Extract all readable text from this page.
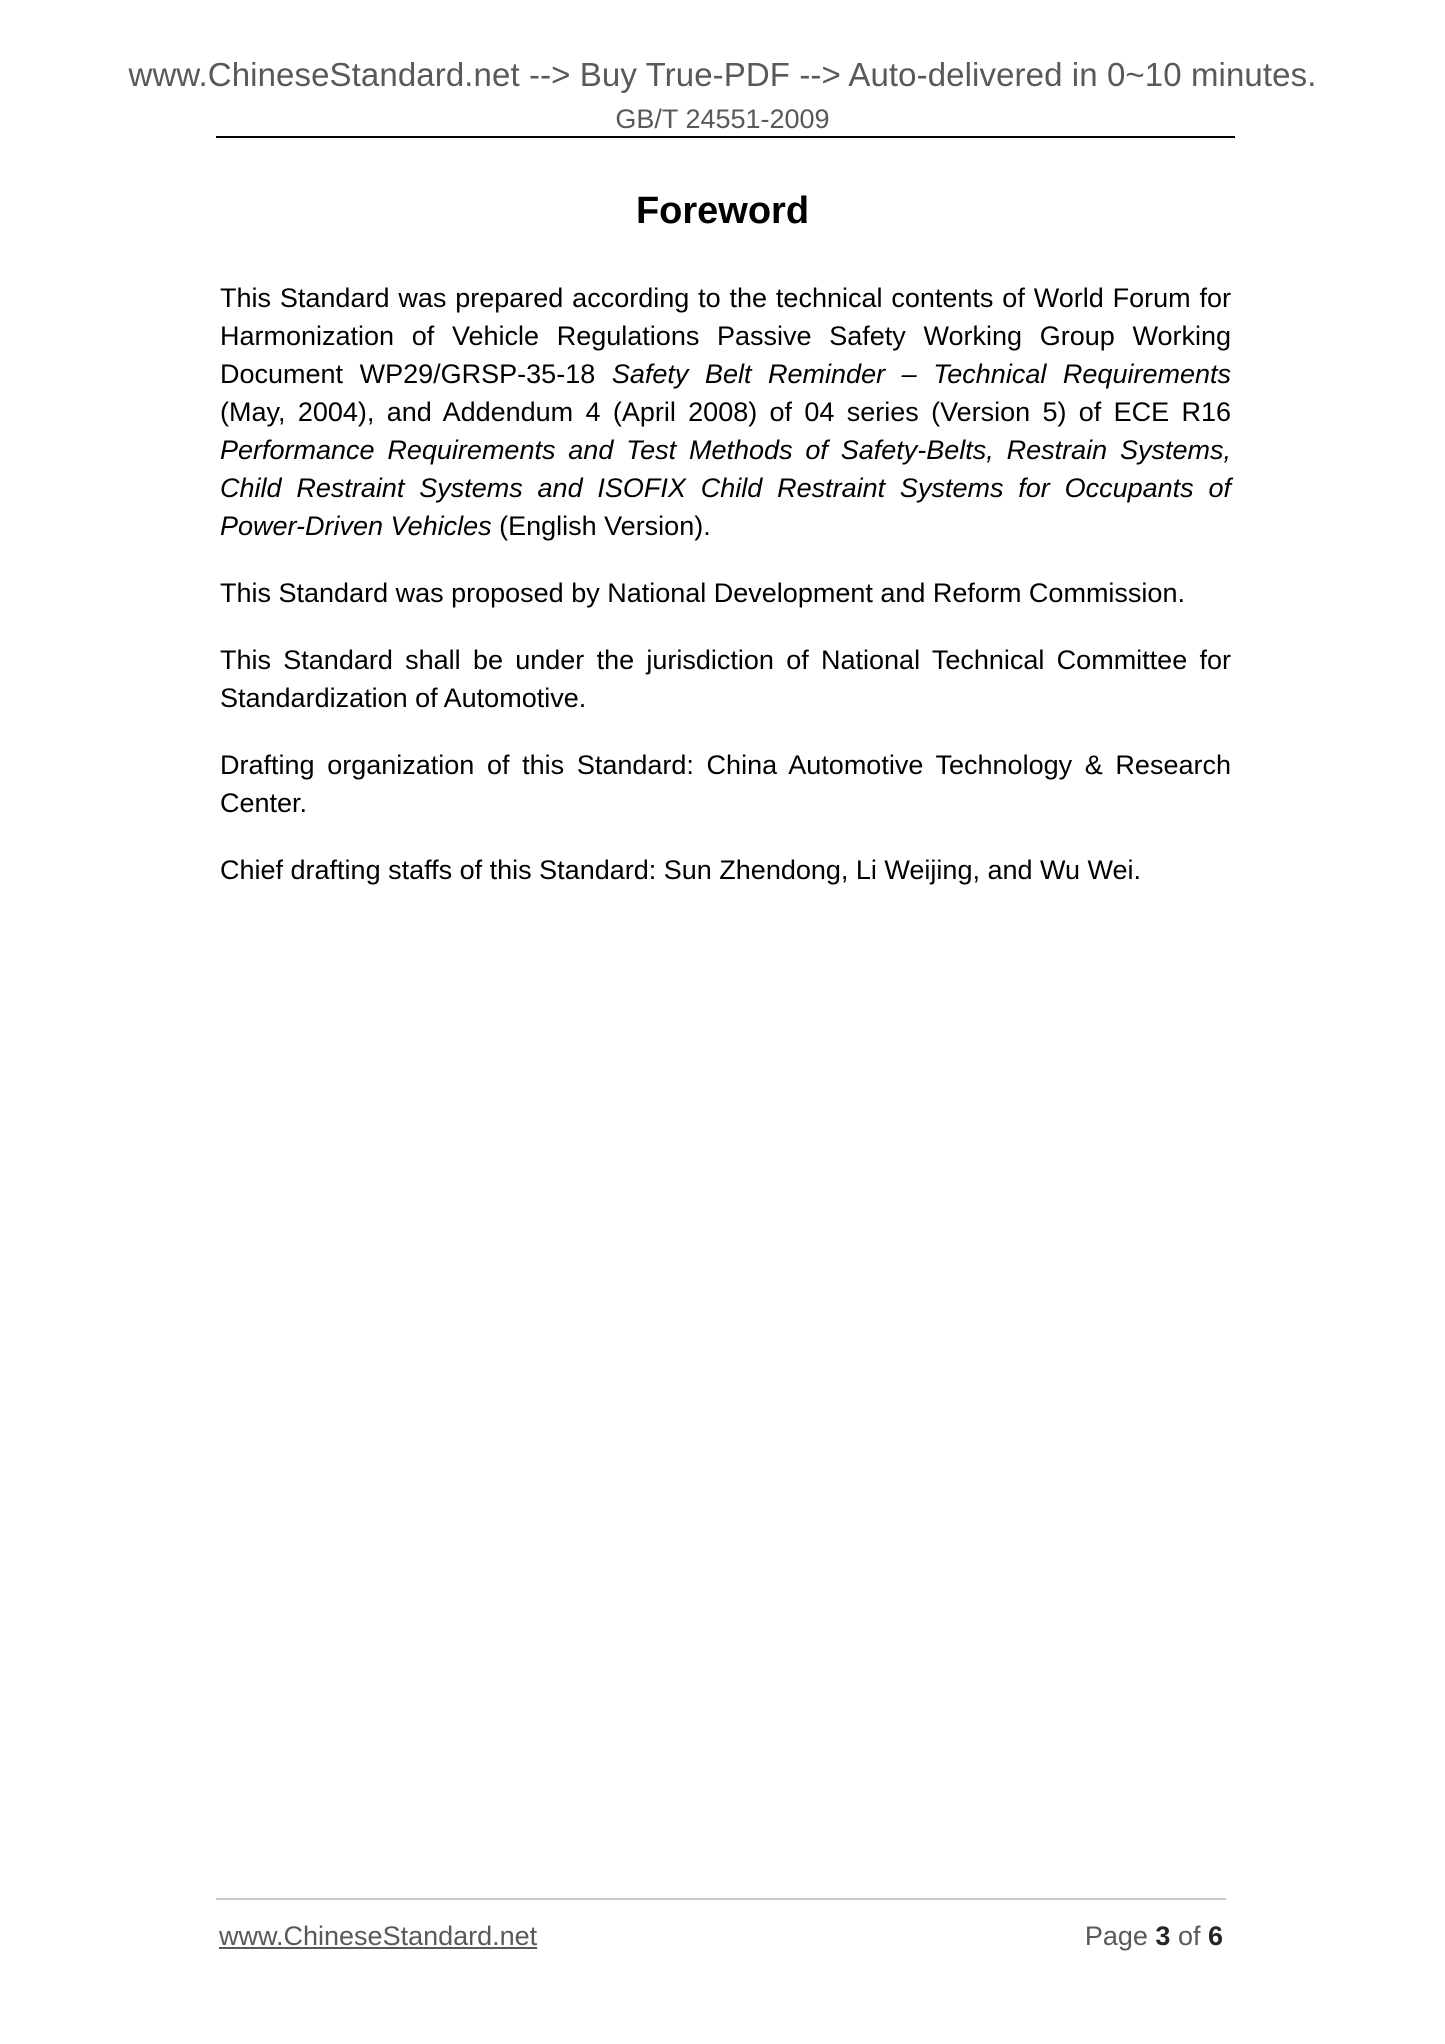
www.ChineseStandard.net --> Buy True-PDF --> Auto-delivered in 0~10 minutes.
GB/T 24551-2009
Foreword

This Standard was prepared according to the technical contents of World Forum for Harmonization of Vehicle Regulations Passive Safety Working Group Working Document WP29/GRSP-35-18 Safety Belt Reminder – Technical Requirements (May, 2004), and Addendum 4 (April 2008) of 04 series (Version 5) of ECE R16 Performance Requirements and Test Methods of Safety-Belts, Restrain Systems, Child Restraint Systems and ISOFIX Child Restraint Systems for Occupants of Power-Driven Vehicles (English Version).

This Standard was proposed by National Development and Reform Commission.

This Standard shall be under the jurisdiction of National Technical Committee for Standardization of Automotive.

Drafting organization of this Standard: China Automotive Technology & Research Center.

Chief drafting staffs of this Standard: Sun Zhendong, Li Weijing, and Wu Wei.

www.ChineseStandard.net	Page 3 of 6
